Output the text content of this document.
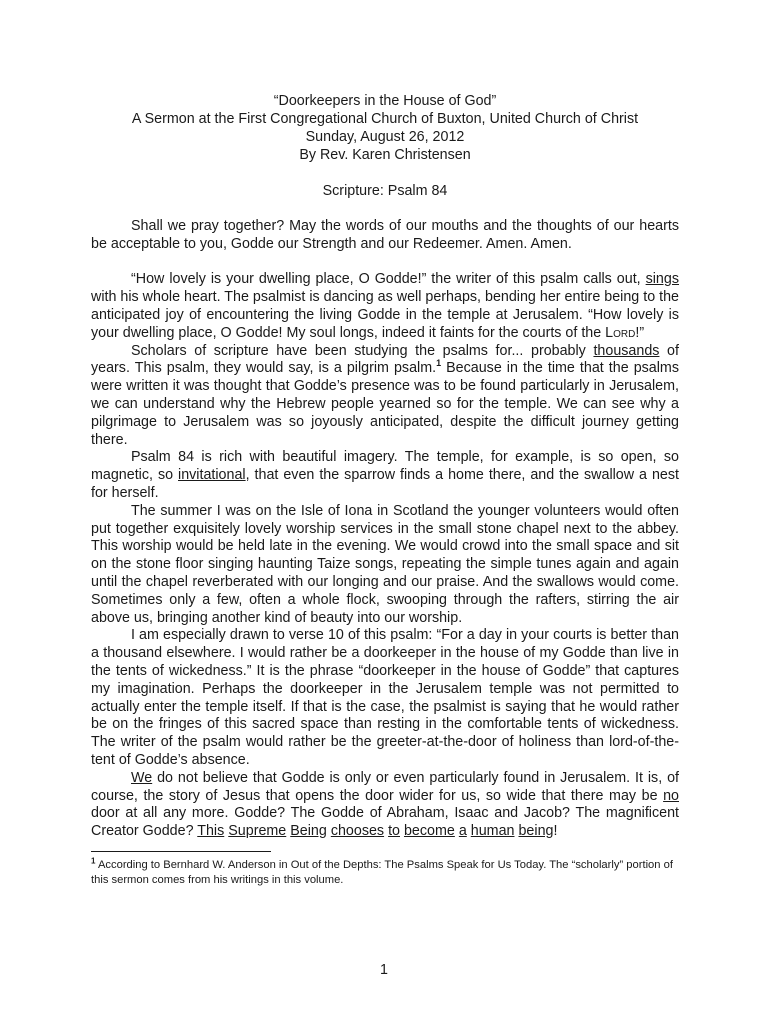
“Doorkeepers in the House of God”
A Sermon at the First Congregational Church of Buxton, United Church of Christ
Sunday, August 26, 2012
By Rev. Karen Christensen
Scripture: Psalm 84

Shall we pray together? May the words of our mouths and the thoughts of our hearts be acceptable to you, Godde our Strength and our Redeemer. Amen. Amen.

“How lovely is your dwelling place, O Godde!” the writer of this psalm calls out, sings with his whole heart. The psalmist is dancing as well perhaps, bending her entire being to the anticipated joy of encountering the living Godde in the temple at Jerusalem. “How lovely is your dwelling place, O Godde! My soul longs, indeed it faints for the courts of the Lord!”

Scholars of scripture have been studying the psalms for... probably thousands of years. This psalm, they would say, is a pilgrim psalm.$^1$ Because in the time that the psalms were written it was thought that Godde’s presence was to be found particularly in Jerusalem, we can understand why the Hebrew people yearned so for the temple. We can see why a pilgrimage to Jerusalem was so joyously anticipated, despite the difficult journey getting there.

Psalm 84 is rich with beautiful imagery. The temple, for example, is so open, so magnetic, so invitational, that even the sparrow finds a home there, and the swallow a nest for herself.

The summer I was on the Isle of Iona in Scotland the younger volunteers would often put together exquisitely lovely worship services in the small stone chapel next to the abbey. This worship would be held late in the evening. We would crowd into the small space and sit on the stone floor singing haunting Taize songs, repeating the simple tunes again and again until the chapel reverberated with our longing and our praise. And the swallows would come. Sometimes only a few, often a whole flock, swooping through the rafters, stirring the air above us, bringing another kind of beauty into our worship.

I am especially drawn to verse 10 of this psalm: “For a day in your courts is better than a thousand elsewhere. I would rather be a doorkeeper in the house of my Godde than live in the tents of wickedness.” It is the phrase “doorkeeper in the house of Godde” that captures my imagination. Perhaps the doorkeeper in the Jerusalem temple was not permitted to actually enter the temple itself. If that is the case, the psalmist is saying that he would rather be on the fringes of this sacred space than resting in the comfortable tents of wickedness. The writer of the psalm would rather be the greeter-at-the-door of holiness than lord-of-the-tent of Godde’s absence.

We do not believe that Godde is only or even particularly found in Jerusalem. It is, of course, the story of Jesus that opens the door wider for us, so wide that there may be no door at all any more. Godde? The Godde of Abraham, Isaac and Jacob? The magnificent Creator Godde? This Supreme Being chooses to become a human being!

$^1$ According to Bernhard W. Anderson in Out of the Depths: The Psalms Speak for Us Today. The “scholarly” portion of this sermon comes from his writings in this volume.
1
